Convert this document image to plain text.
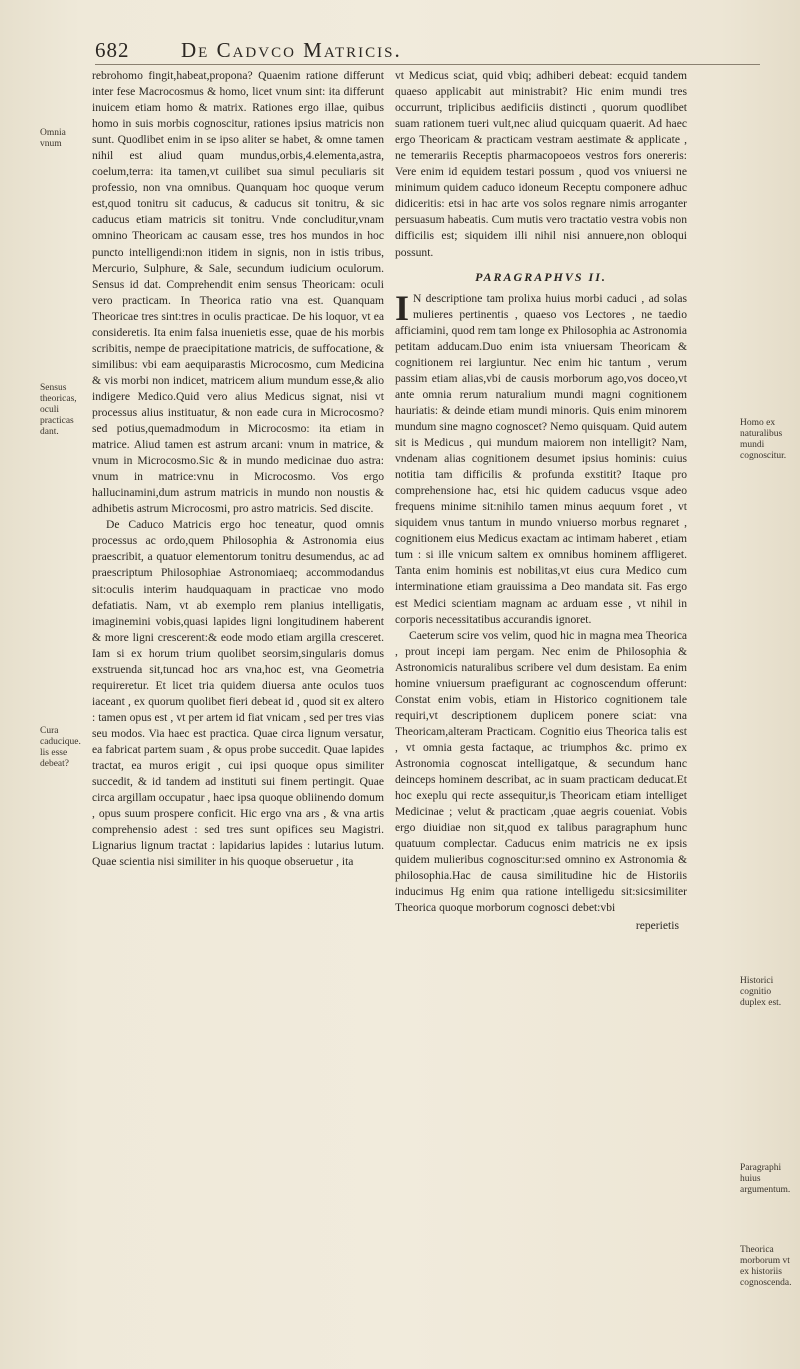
682 De Cadvco Matricis.
Omnia vnum
Sensus theoricas, oculi practicas dant.
Cura caducique. lis esse debeat?
Homo ex naturalibus mundi cognoscitur.
Historici cognitio duplex est.
Paragraphi huius argumentum.
Theorica morborum vt ex historiis cognoscenda.

rebrohomo fingit,habeat,propona? Quaenim ratione differunt inter fese Macrocosmus & homo, licet vnum sint: ita differunt inuicem etiam homo & matrix. Rationes ergo illae, quibus homo in suis morbis cognoscitur, rationes ipsius matricis non sunt. Quodlibet enim in se ipso aliter se habet, & omne tamen nihil est aliud quam mundus,orbis,4.elementa,astra, coelum,terra: ita tamen,vt cuilibet sua simul peculiaris sit professio, non vna omnibus. Quanquam hoc quoque verum est,quod tonitru sit caducus, & caducus sit tonitru, & sic caducus etiam matricis sit tonitru. Vnde concluditur,vnam omnino Theoricam ac causam esse, tres hos mundos in hoc puncto intelligendi:non itidem in signis, non in istis tribus, Mercurio, Sulphure, & Sale, secundum iudicium oculorum. Sensus id dat. Comprehendit enim sensus Theoricam: oculi vero practicam. In Theorica ratio vna est. Quanquam Theoricae tres sint:tres in oculis practicae. De his loquor, vt ea consideretis. Ita enim falsa inuenietis esse, quae de his morbis scribitis, nempe de praecipitatione matricis, de suffocatione, & similibus: vbi eam aequiparastis Microcosmo, cum Medicina & vis morbi non indicet, matricem alium mundum esse,& alio indigere Medico.Quid vero alius Medicus signat, nisi vt processus alius instituatur, & non eade cura in Microcosmo? sed potius,quemadmodum in Microcosmo: ita etiam in matrice. Aliud tamen est astrum arcani: vnum in matrice, & vnum in Microcosmo.Sic & in mundo medicinae duo astra: vnum in matrice:vnu in Microcosmo. Vos ergo hallucinamini,dum astrum matricis in mundo non noustis & adhibetis astrum Microcosmi, pro astro matricis. Sed discite.

De Caduco Matricis ergo hoc teneatur, quod omnis processus ac ordo,quem Philosophia & Astronomia eius praescribit, a quatuor elementorum tonitru desumendus, ac ad praescriptum Philosophiae Astronomiaeq; accommodandus sit:oculis interim haudquaquam in practicae vno modo defatiatis. Nam, vt ab exemplo rem planius intelligatis, imaginemini vobis,quasi lapides ligni longitudinem haberent & more ligni crescerent:& eode modo etiam argilla cresceret. Iam si ex horum trium quolibet seorsim,singularis domus exstruenda sit,tuncad hoc ars vna,hoc est, vna Geometria requireretur. Et licet tria quidem diuersa ante oculos tuos iaceant , ex quorum quolibet fieri debeat id , quod sit ex altero : tamen opus est , vt per artem id fiat vnicam , sed per tres vias seu modos. Via haec est practica. Quae circa lignum versatur, ea fabricat partem suam , & opus probe succedit. Quae lapides tractat, ea muros erigit , cui ipsi quoque opus similiter succedit, & id tandem ad instituti sui finem pertingit. Quae circa argillam occupatur , haec ipsa quoque obliinendo domum , opus suum prospere conficit. Hic ergo vna ars , & vna artis comprehensio adest : sed tres sunt opifices seu Magistri. Lignarius lignum tractat : lapidarius lapides : lutarius lutum. Quae scientia nisi similiter in his quoque obseruetur , ita

vt Medicus sciat, quid vbiq; adhiberi debeat: ecquid tandem quaeso applicabit aut ministrabit? Hic enim mundi tres occurrunt, triplicibus aedificiis distincti , quorum quodlibet suam rationem tueri vult,nec aliud quicquam quaerit. Ad haec ergo Theoricam & practicam vestram aestimate & applicate , ne temerariis Receptis pharmacopoeos vestros fors onereris: Vere enim id equidem testari possum , quod vos vniuersi ne minimum quidem caduco idoneum Receptu componere adhuc didiceritis: etsi in hac arte vos solos regnare nimis arroganter persuasum habeatis. Cum mutis vero tractatio vestra vobis non difficilis est; siquidem illi nihil nisi annuere,non obloqui possunt.

PARAGRAPHVS II.

I N descriptione tam prolixa huius morbi caduci , ad solas mulieres pertinentis , quaeso vos Lectores , ne taedio afficiamini, quod rem tam longe ex Philosophia ac Astronomia petitam adducam.Duo enim ista vniuersam Theoricam & cognitionem rei largiuntur. Nec enim hic tantum , verum passim etiam alias,vbi de causis morborum ago,vos doceo,vt ante omnia rerum naturalium mundi magni cognitionem hauriatis: & deinde etiam mundi minoris. Quis enim minorem mundum sine magno cognoscet? Nemo quisquam. Quid autem sit is Medicus , qui mundum maiorem non intelligit? Nam, vndenam alias cognitionem desumet ipsius hominis: cuius notitia tam difficilis & profunda exstitit? Itaque pro comprehensione hac, etsi hic quidem caducus vsque adeo frequens minime sit:nihilo tamen minus aequum foret , vt siquidem vnus tantum in mundo vniuerso morbus regnaret , cognitionem eius Medicus exactam ac intimam haberet , etiam tum : si ille vnicum saltem ex omnibus hominem affligeret. Tanta enim hominis est nobilitas,vt eius cura Medico cum interminatione etiam grauissima a Deo mandata sit. Fas ergo est Medici scientiam magnam ac arduam esse , vt nihil in corporis necessitatibus accurandis ignoret.

Caeterum scire vos velim, quod hic in magna mea Theorica , prout incepi iam pergam. Nec enim de Philosophia & Astronomicis naturalibus scribere vel dum desistam. Ea enim homine vniuersum praefigurant ac cognoscendum offerunt: Constat enim vobis, etiam in Historico cognitionem tale requiri,vt descriptionem duplicem ponere sciat: vna Theoricam,alteram Practicam. Cognitio eius Theorica talis est , vt omnia gesta factaque, ac triumphos &c. primo ex Astronomia cognoscat intelligatque, & secundum hanc deinceps hominem describat, ac in suam practicam deducat.Et hoc exeplu qui recte assequitur,is Theoricam etiam intelliget Medicinae ; velut & practicam ,quae aegris coueniat. Vobis ergo diuidiae non sit,quod ex talibus paragraphum hunc quatuum complectar. Caducus enim matricis ne ex ipsis quidem mulieribus cognoscitur:sed omnino ex Astronomia & philosophia.Hac de causa similitudine hic de Historiis inducimus Hg enim qua ratione intelligedu sit:sicsimiliter Theorica quoque morborum cognosci debet:vbi

reperietis
